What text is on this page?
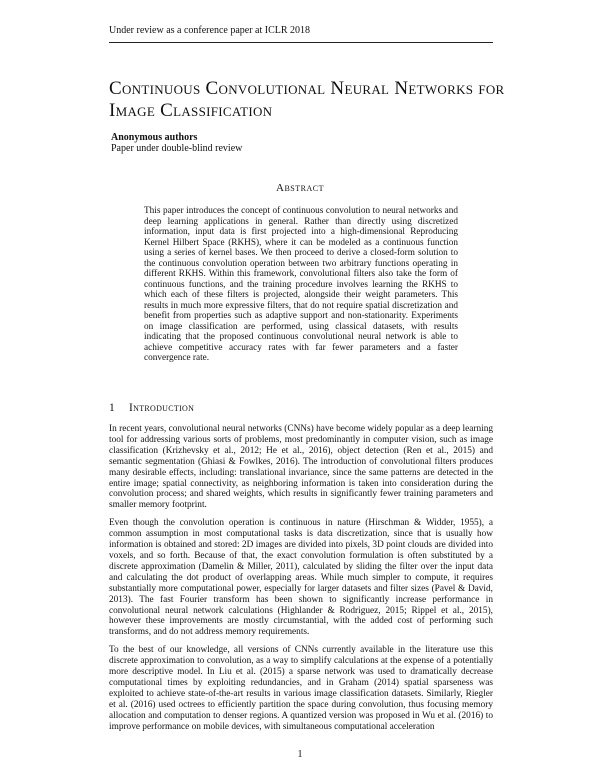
Under review as a conference paper at ICLR 2018
Continuous Convolutional Neural Networks for Image Classification
Anonymous authors
Paper under double-blind review
Abstract

This paper introduces the concept of continuous convolution to neural networks and deep learning applications in general. Rather than directly using discretized information, input data is first projected into a high-dimensional Reproducing Kernel Hilbert Space (RKHS), where it can be modeled as a continuous function using a series of kernel bases. We then proceed to derive a closed-form solution to the continuous convolution operation between two arbitrary functions operating in different RKHS. Within this framework, convolutional filters also take the form of continuous functions, and the training procedure involves learning the RKHS to which each of these filters is projected, alongside their weight parameters. This results in much more expressive filters, that do not require spatial discretization and benefit from properties such as adaptive support and non-stationarity. Experiments on image classification are performed, using classical datasets, with results indicating that the proposed continuous convolutional neural network is able to achieve competitive accuracy rates with far fewer parameters and a faster convergence rate.

1 Introduction

In recent years, convolutional neural networks (CNNs) have become widely popular as a deep learning tool for addressing various sorts of problems, most predominantly in computer vision, such as image classification (Krizhevsky et al., 2012; He et al., 2016), object detection (Ren et al., 2015) and semantic segmentation (Ghiasi & Fowlkes, 2016). The introduction of convolutional filters produces many desirable effects, including: translational invariance, since the same patterns are detected in the entire image; spatial connectivity, as neighboring information is taken into consideration during the convolution process; and shared weights, which results in significantly fewer training parameters and smaller memory footprint.

Even though the convolution operation is continuous in nature (Hirschman & Widder, 1955), a common assumption in most computational tasks is data discretization, since that is usually how information is obtained and stored: 2D images are divided into pixels, 3D point clouds are divided into voxels, and so forth. Because of that, the exact convolution formulation is often substituted by a discrete approximation (Damelin & Miller, 2011), calculated by sliding the filter over the input data and calculating the dot product of overlapping areas. While much simpler to compute, it requires substantially more computational power, especially for larger datasets and filter sizes (Pavel & David, 2013). The fast Fourier transform has been shown to significantly increase performance in convolutional neural network calculations (Highlander & Rodriguez, 2015; Rippel et al., 2015), however these improvements are mostly circumstantial, with the added cost of performing such transforms, and do not address memory requirements.

To the best of our knowledge, all versions of CNNs currently available in the literature use this discrete approximation to convolution, as a way to simplify calculations at the expense of a potentially more descriptive model. In Liu et al. (2015) a sparse network was used to dramatically decrease computational times by exploiting redundancies, and in Graham (2014) spatial sparseness was exploited to achieve state-of-the-art results in various image classification datasets. Similarly, Riegler et al. (2016) used octrees to efficiently partition the space during convolution, thus focusing memory allocation and computation to denser regions. A quantized version was proposed in Wu et al. (2016) to improve performance on mobile devices, with simultaneous computational acceleration

1
